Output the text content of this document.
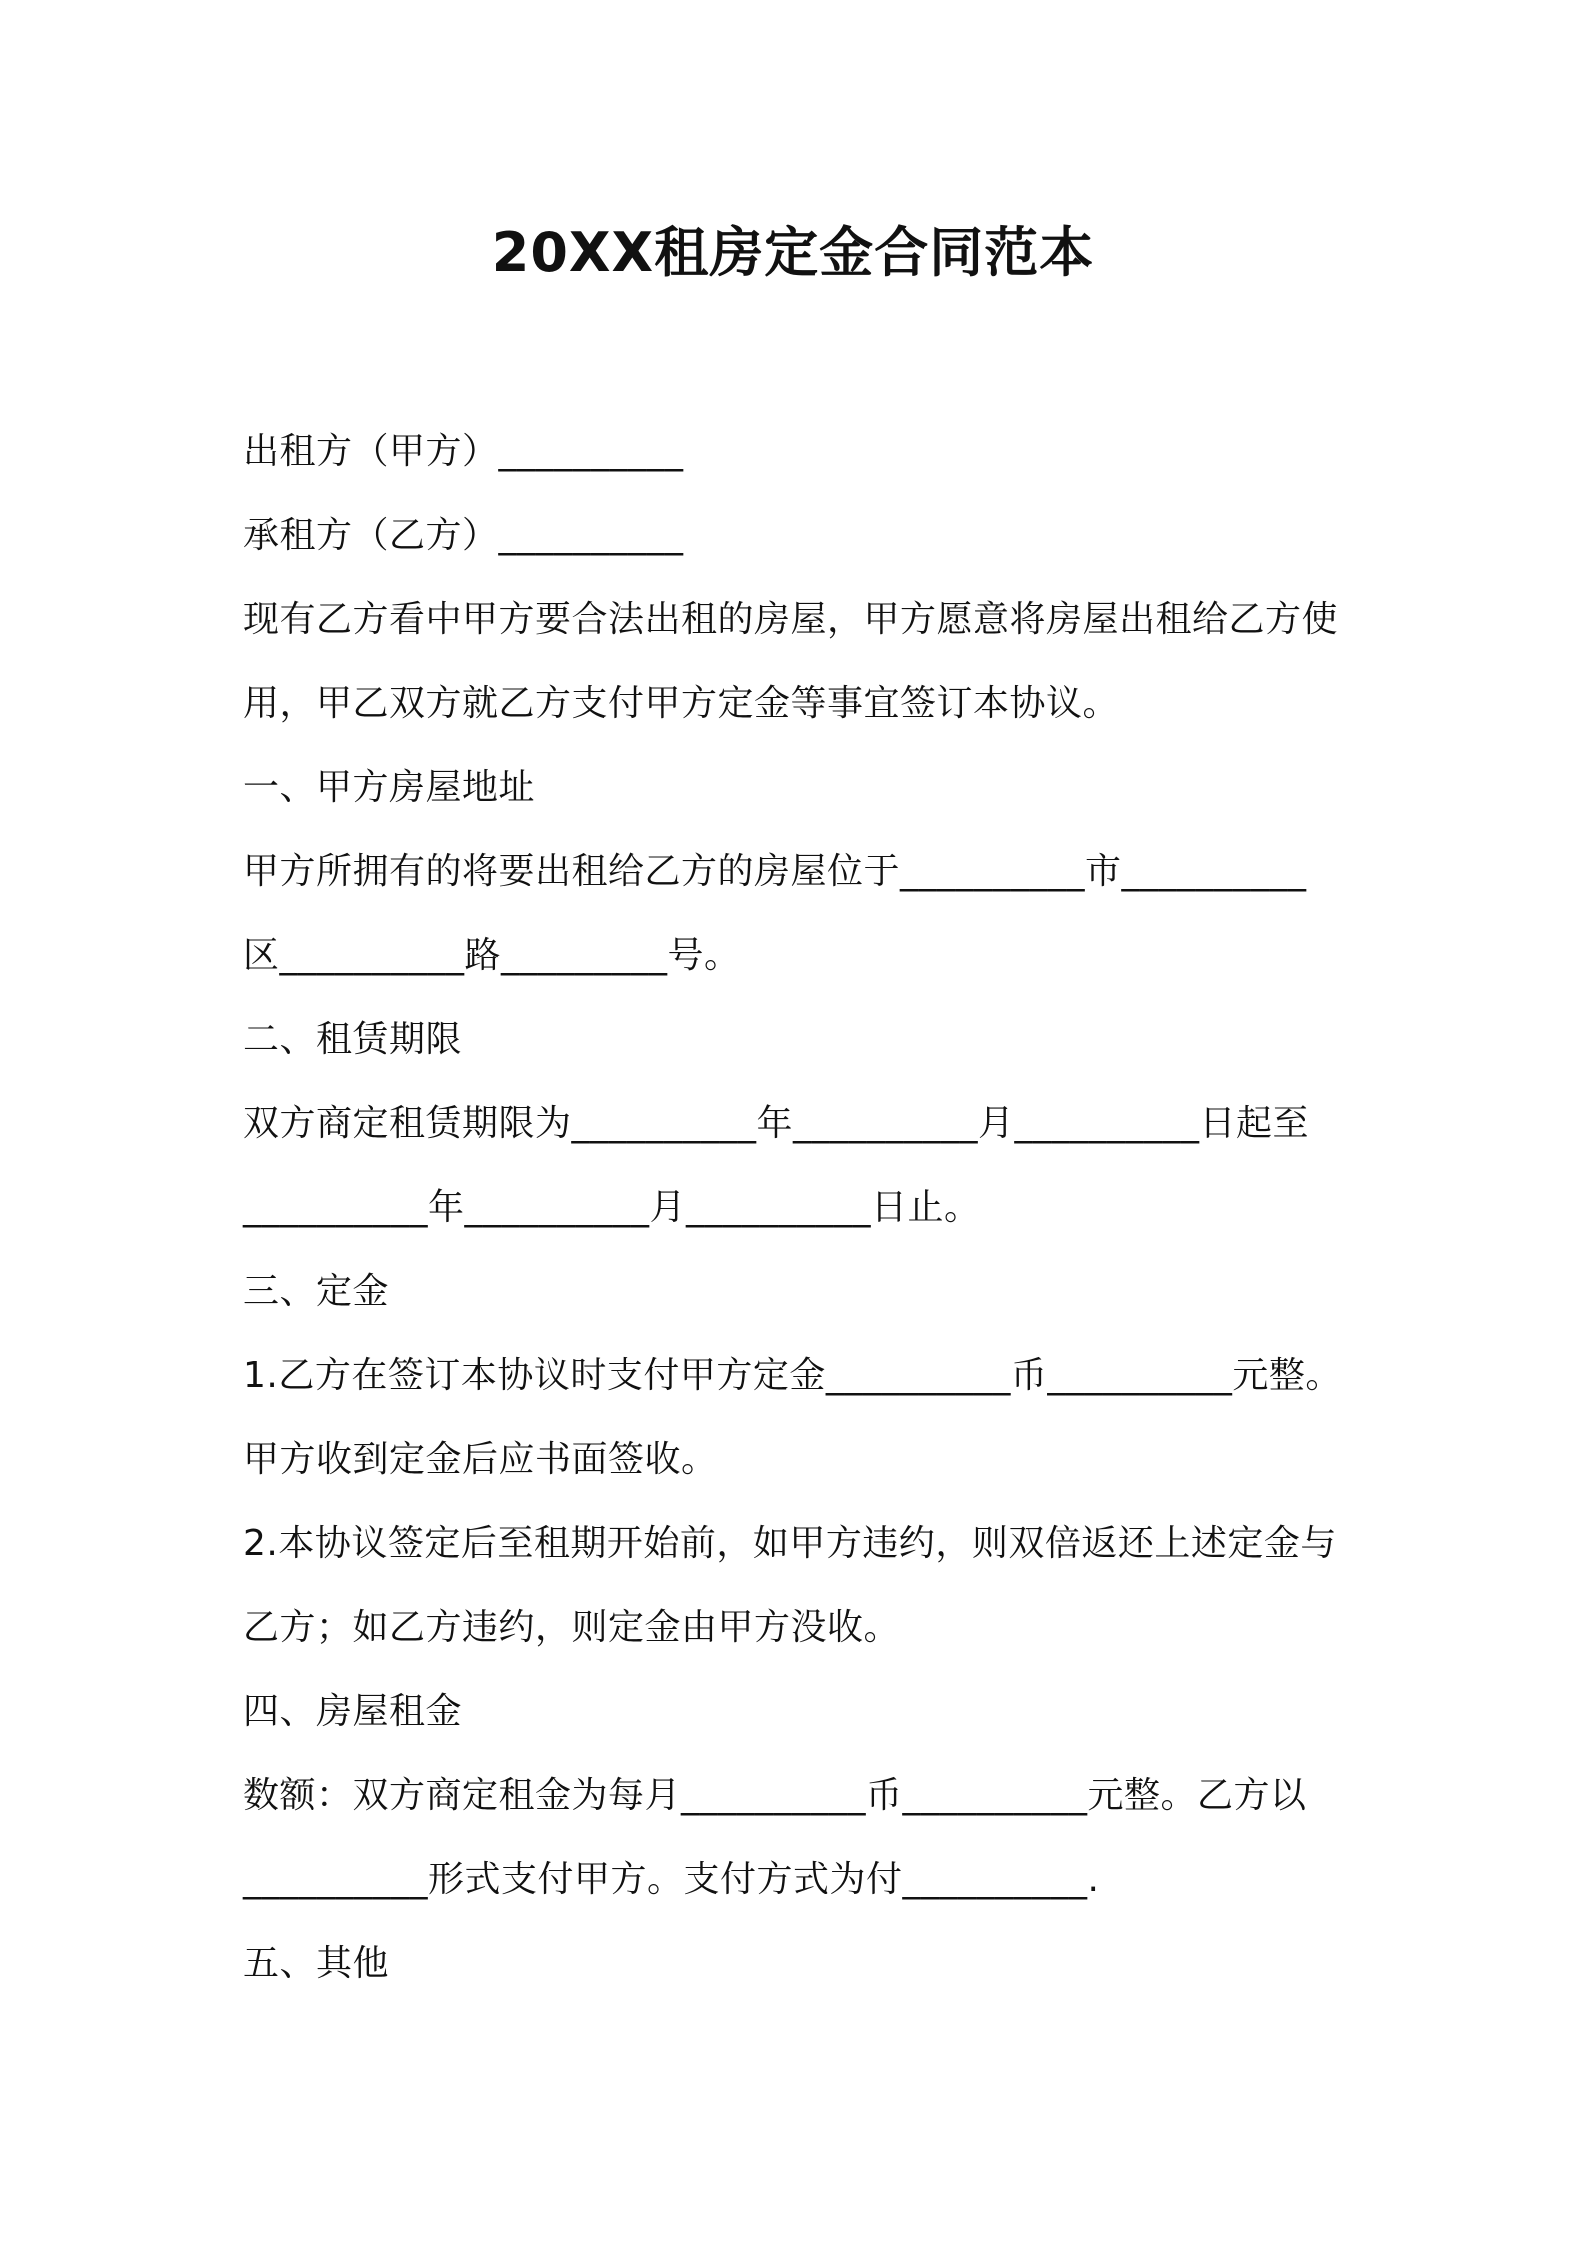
20XX租房定金合同范本
出租方（甲方）__________
承租方（乙方）__________
现有乙方看中甲方要合法出租的房屋，甲方愿意将房屋出租给乙方使
用，甲乙双方就乙方支付甲方定金等事宜签订本协议。
一、甲方房屋地址
甲方所拥有的将要出租给乙方的房屋位于__________市__________
区__________路_________号。
二、租赁期限
双方商定租赁期限为__________年__________月__________日起至
__________年__________月__________日止。
三、定金
1.乙方在签订本协议时支付甲方定金__________币__________元整。
甲方收到定金后应书面签收。
2.本协议签定后至租期开始前，如甲方违约，则双倍返还上述定金与
乙方；如乙方违约，则定金由甲方没收。
四、房屋租金
数额：双方商定租金为每月__________币__________元整。乙方以
__________形式支付甲方。支付方式为付__________.
五、其他
